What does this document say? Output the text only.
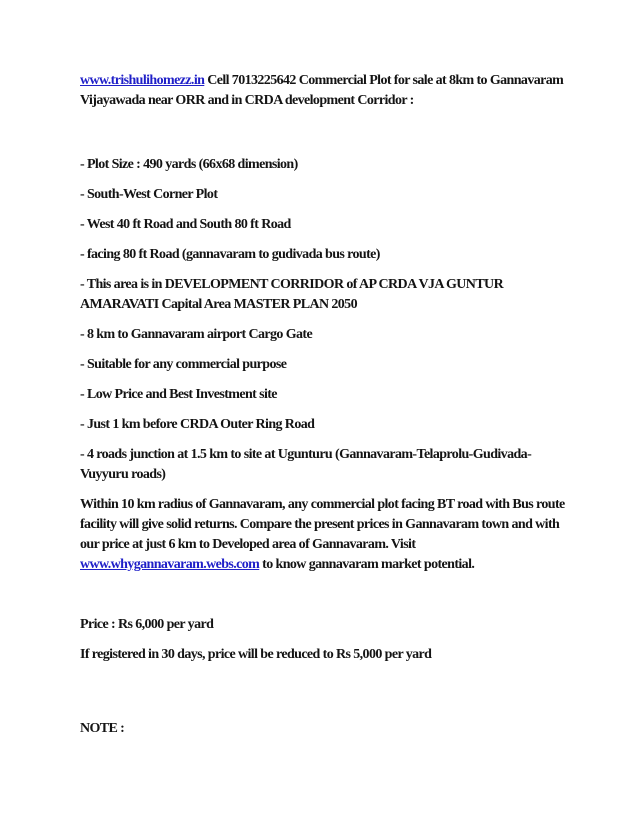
www.trishulihomezz.in Cell 7013225642 Commercial Plot for sale at 8km to Gannavaram Vijayawada near ORR and in CRDA development Corridor :

- Plot Size : 490 yards (66x68 dimension)

- South-West Corner Plot

- West 40 ft Road and South 80 ft Road

- facing 80 ft Road (gannavaram to gudivada bus route)

- This area is in DEVELOPMENT CORRIDOR of AP CRDA VJA GUNTUR AMARAVATI Capital Area MASTER PLAN 2050

- 8 km to Gannavaram airport Cargo Gate

- Suitable for any commercial purpose

- Low Price and Best Investment site

- Just 1 km before CRDA Outer Ring Road

- 4 roads junction at 1.5 km to site at Ugunturu (Gannavaram-Telaprolu-Gudivada-Vuyyuru roads)

Within 10 km radius of Gannavaram, any commercial plot facing BT road with Bus route facility will give solid returns. Compare the present prices in Gannavaram town and with our price at just 6 km to Developed area of Gannavaram. Visit www.whygannavaram.webs.com to know gannavaram market potential.

Price : Rs 6,000 per yard

If registered in 30 days, price will be reduced to Rs 5,000 per yard

NOTE :
